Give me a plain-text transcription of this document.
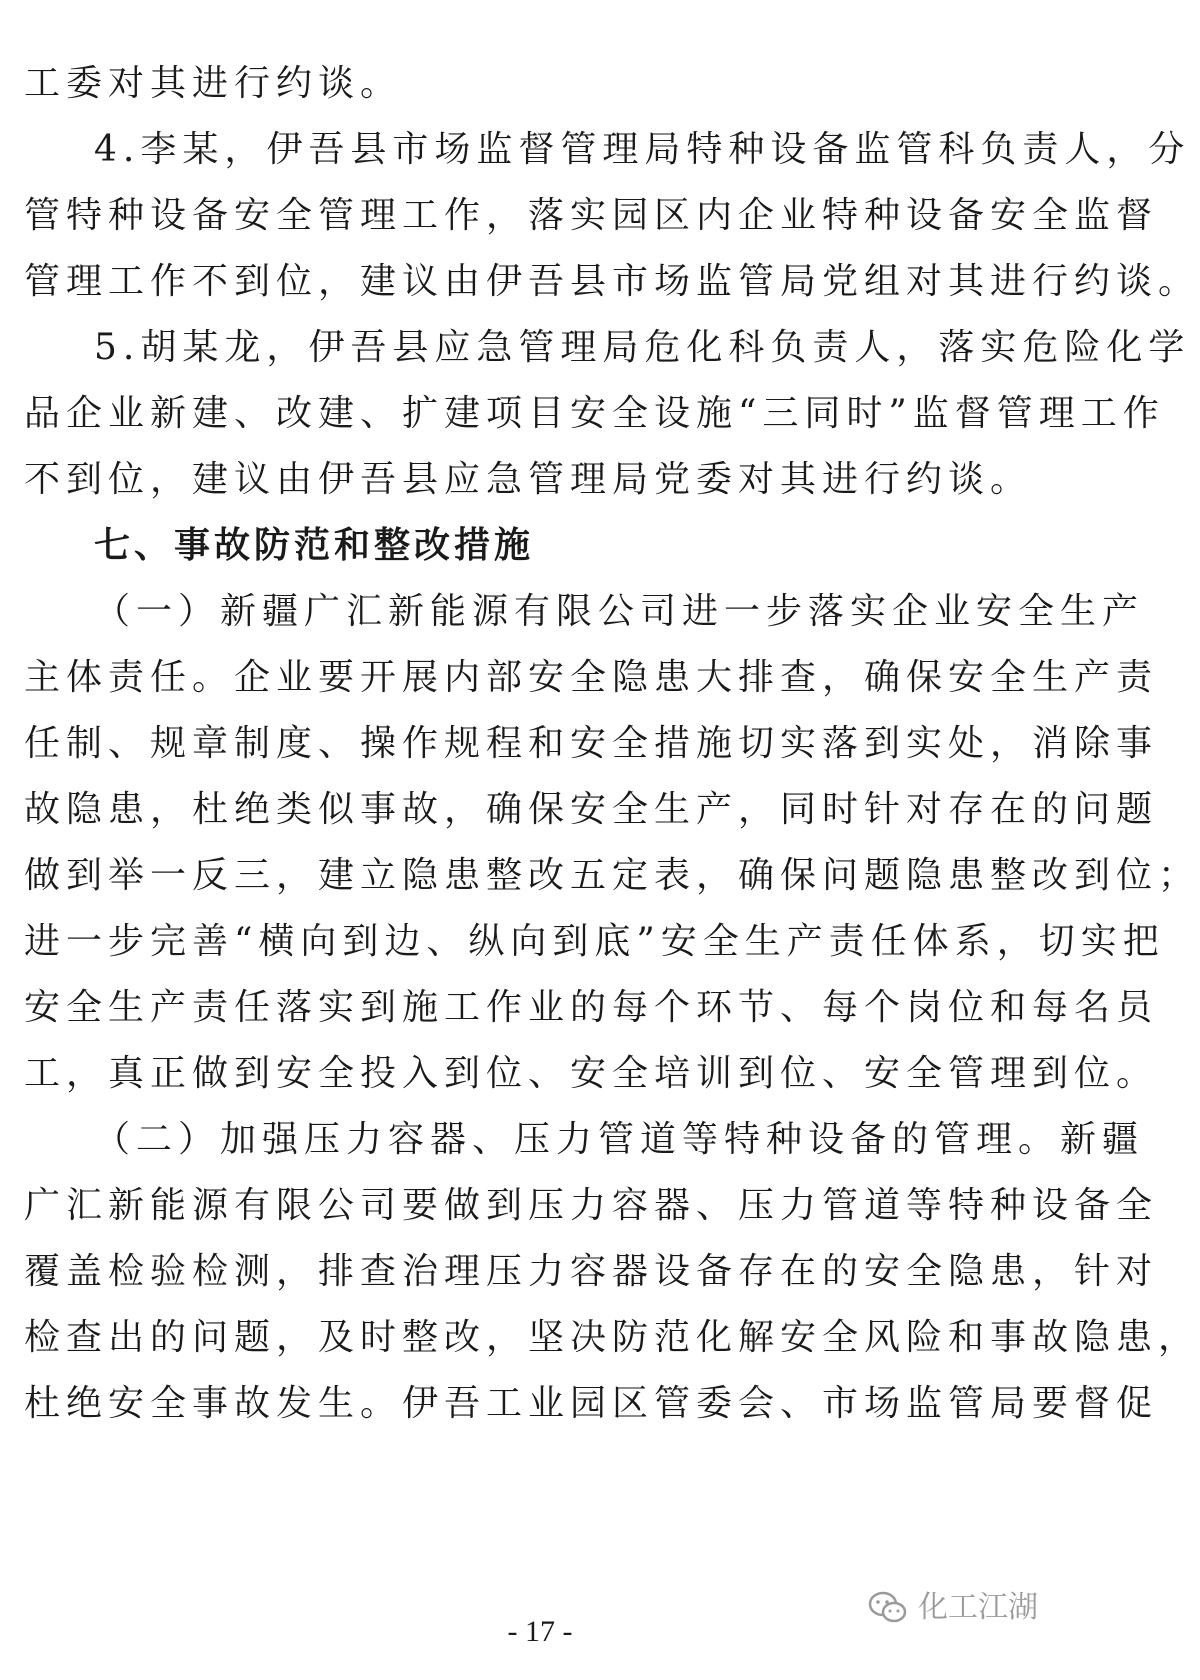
工委对其进行约谈。
4.李某，伊吾县市场监督管理局特种设备监管科负责人，分
管特种设备安全管理工作，落实园区内企业特种设备安全监督
管理工作不到位，建议由伊吾县市场监管局党组对其进行约谈。
5.胡某龙，伊吾县应急管理局危化科负责人，落实危险化学
品企业新建、改建、扩建项目安全设施“三同时”监督管理工作
不到位，建议由伊吾县应急管理局党委对其进行约谈。
七、事故防范和整改措施
（一）新疆广汇新能源有限公司进一步落实企业安全生产
主体责任。企业要开展内部安全隐患大排查，确保安全生产责
任制、规章制度、操作规程和安全措施切实落到实处，消除事
故隐患，杜绝类似事故，确保安全生产，同时针对存在的问题
做到举一反三，建立隐患整改五定表，确保问题隐患整改到位；
进一步完善“横向到边、纵向到底”安全生产责任体系，切实把
安全生产责任落实到施工作业的每个环节、每个岗位和每名员
工，真正做到安全投入到位、安全培训到位、安全管理到位。
（二）加强压力容器、压力管道等特种设备的管理。新疆
广汇新能源有限公司要做到压力容器、压力管道等特种设备全
覆盖检验检测，排查治理压力容器设备存在的安全隐患，针对
检查出的问题，及时整改，坚决防范化解安全风险和事故隐患，
杜绝安全事故发生。伊吾工业园区管委会、市场监管局要督促
化工江湖
- 17 -
